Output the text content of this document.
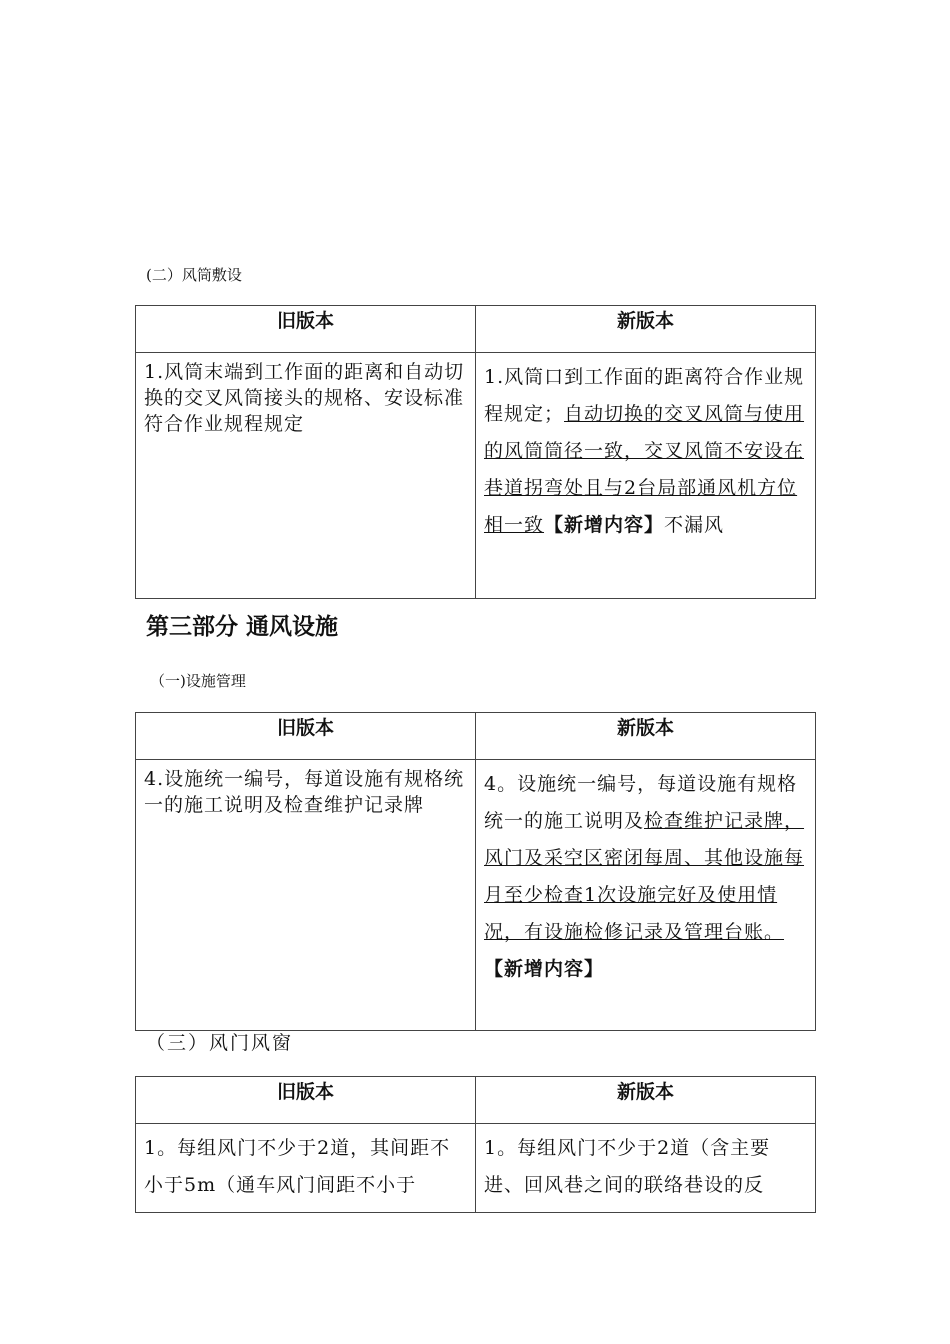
(二）风筒敷设
旧版本	新版本
1.风筒末端到工作面的距离和自动切换的交叉风筒接头的规格、安设标准符合作业规程规定	1.风筒口到工作面的距离符合作业规程规定；自动切换的交叉风筒与使用的风筒筒径一致，交叉风筒不安设在巷道拐弯处且与2台局部通风机方位相一致【新增内容】不漏风
第三部分 通风设施
（一)设施管理
旧版本	新版本
4.设施统一编号，每道设施有规格统一的施工说明及检查维护记录牌	4。设施统一编号，每道设施有规格统一的施工说明及检查维护记录牌，风门及采空区密闭每周、其他设施每月至少检查1次设施完好及使用情况，有设施检修记录及管理台账。【新增内容】
（三）风门风窗
旧版本	新版本
1。每组风门不少于2道，其间距不小于5m（通车风门间距不小于	1。每组风门不少于2道（含主要进、回风巷之间的联络巷设的反
